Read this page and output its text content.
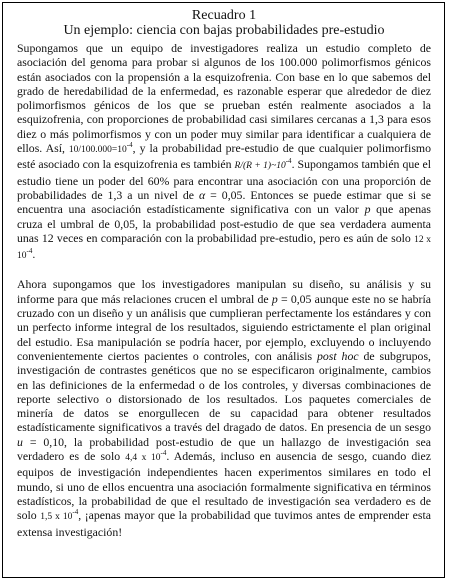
Recuadro 1
Un ejemplo: ciencia con bajas probabilidades pre-estudio

Supongamos que un equipo de investigadores realiza un estudio completo de asociación del genoma para probar si algunos de los 100.000 polimorfismos génicos están asociados con la propensión a la esquizofrenia. Con base en lo que sabemos del grado de heredabilidad de la enfermedad, es razonable esperar que alrededor de diez polimorfismos génicos de los que se prueban estén realmente asociados a la esquizofrenia, con proporciones de probabilidad casi similares cercanas a 1,3 para esos diez o más polimorfismos y con un poder muy similar para identificar a cualquiera de ellos. Así, $10/100.000=10^{-4}$, y la probabilidad pre-estudio de que cualquier polimorfismo esté asociado con la esquizofrenia es también $R/(R + 1)\sim 10^{-4}$. Supongamos también que el estudio tiene un poder del 60% para encontrar una asociación con una proporción de probabilidades de 1,3 a un nivel de α = 0,05. Entonces se puede estimar que si se encuentra una asociación estadísticamente significativa con un valor p que apenas cruza el umbral de 0,05, la probabilidad post-estudio de que sea verdadera aumenta unas 12 veces en comparación con la probabilidad pre-estudio, pero es aún de solo 12 x $10^{-4}$.

Ahora supongamos que los investigadores manipulan su diseño, su análisis y su informe para que más relaciones crucen el umbral de p = 0,05 aunque este no se habría cruzado con un diseño y un análisis que cumplieran perfectamente los estándares y con un perfecto informe integral de los resultados, siguiendo estrictamente el plan original del estudio. Esa manipulación se podría hacer, por ejemplo, excluyendo o incluyendo convenientemente ciertos pacientes o controles, con análisis post hoc de subgrupos, investigación de contrastes genéticos que no se especificaron originalmente, cambios en las definiciones de la enfermedad o de los controles, y diversas combinaciones de reporte selectivo o distorsionado de los resultados. Los paquetes comerciales de minería de datos se enorgullecen de su capacidad para obtener resultados estadísticamente significativos a través del dragado de datos. En presencia de un sesgo u = 0,10, la probabilidad post-estudio de que un hallazgo de investigación sea verdadero es de solo 4,4 x $10^{-4}$. Además, incluso en ausencia de sesgo, cuando diez equipos de investigación independientes hacen experimentos similares en todo el mundo, si uno de ellos encuentra una asociación formalmente significativa en términos estadísticos, la probabilidad de que el resultado de investigación sea verdadero es de solo 1,5 x $10^{-4}$, ¡apenas mayor que la probabilidad que tuvimos antes de emprender esta extensa investigación!
